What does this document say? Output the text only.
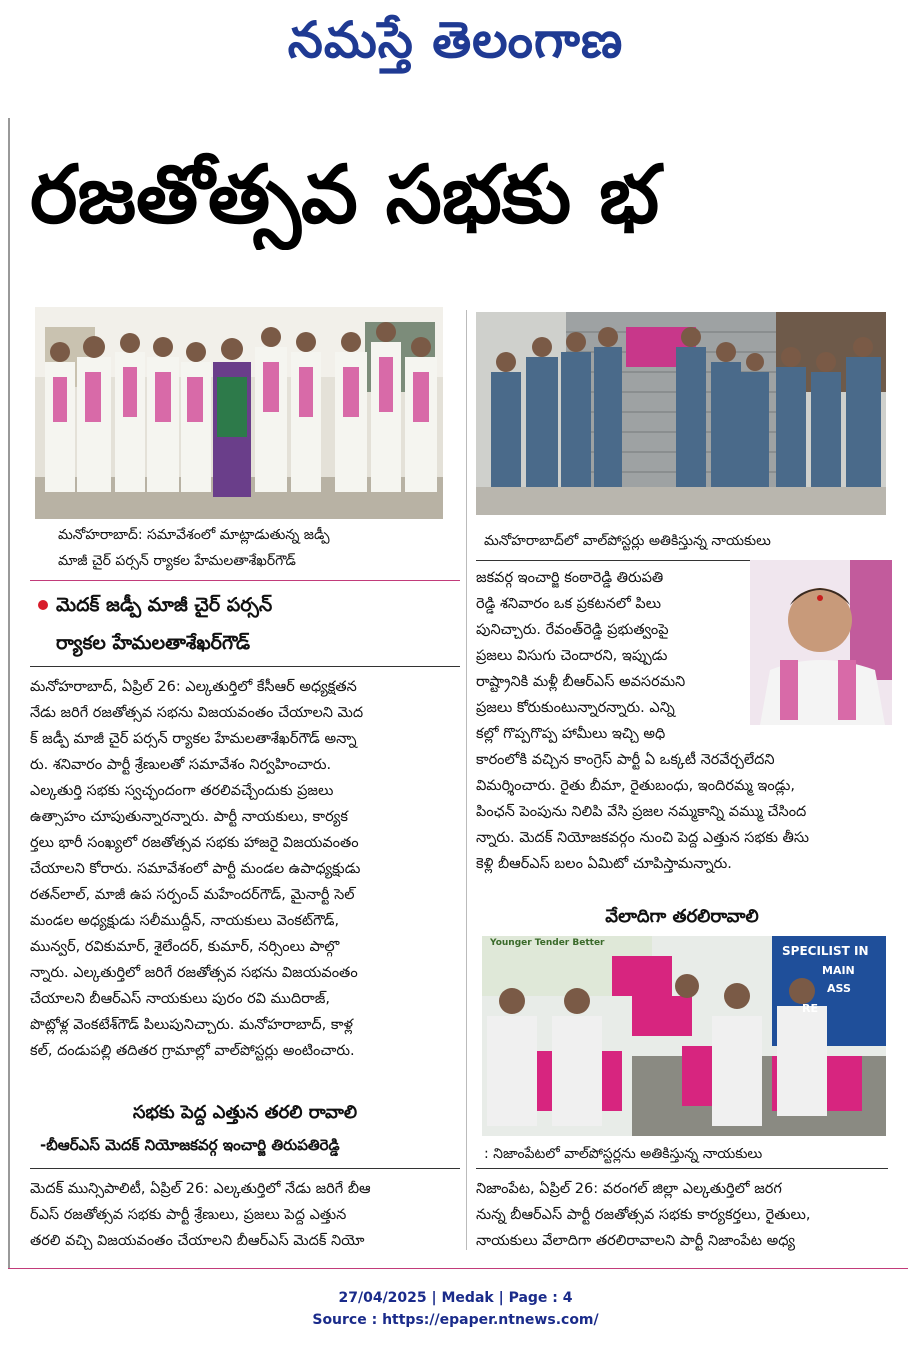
నమస్తే తెలంగాణ
రజతోత్సవ సభకు భ
మనోహరాబాద్: సమావేశంలో మాట్లాడుతున్న జడ్పీ
మాజీ చైర్ పర్సన్ ర్యాకల హేమలతాశేఖర్‌గౌడ్
మెదక్ జడ్పీ మాజీ చైర్ పర్సన్
ర్యాకల హేమలతాశేఖర్‌గౌడ్

మనోహరాబాద్, ఏప్రిల్ 26: ఎల్కతుర్తిలో కేసీఆర్ అధ్యక్షతన

నేడు జరిగే రజతోత్సవ సభను విజయవంతం చేయాలని మెద

క్ జడ్పీ మాజీ చైర్ పర్సన్ ర్యాకల హేమలతాశేఖర్‌గౌడ్ అన్నా

రు. శనివారం పార్టీ శ్రేణులతో సమావేశం నిర్వహించారు.

ఎల్కతుర్తి సభకు స్వచ్ఛందంగా తరలివచ్చేందుకు ప్రజలు

ఉత్సాహం చూపుతున్నారన్నారు. పార్టీ నాయకులు, కార్యక

ర్తలు భారీ సంఖ్యలో రజతోత్సవ సభకు హాజరై విజయవంతం

చేయాలని కోరారు. సమావేశంలో పార్టీ మండల ఉపాధ్యక్షుడు

రతన్‌లాల్, మాజీ ఉప సర్పంచ్ మహేందర్‌గౌడ్, మైనార్టీ సెల్

మండల అధ్యక్షుడు సలీముద్దీన్, నాయకులు వెంకట్‌గౌడ్,

మున్వర్, రవికుమార్, శైలేందర్, కుమార్, నర్సింలు పాల్గొ

న్నారు. ఎల్కతుర్తిలో జరిగే రజతోత్సవ సభను విజయవంతం

చేయాలని బీఆర్‌ఎస్ నాయకులు పురం రవి ముదిరాజ్,

పొట్లోళ్ల వెంకటేశ్‌గౌడ్ పిలుపునిచ్చారు. మనోహరాబాద్, కాళ్ల

కల్, దండుపల్లి తదితర గ్రామాల్లో వాల్‌పోస్టర్లు అంటించారు.

సభకు పెద్ద ఎత్తున తరలి రావాలి
-బీఆర్‌ఎస్ మెదక్ నియోజకవర్గ ఇంచార్జి తిరుపతిరెడ్డి

మెదక్ మున్సిపాలిటీ, ఏప్రిల్ 26: ఎల్కతుర్తిలో నేడు జరిగే బీఆ

ర్‌ఎస్ రజతోత్సవ సభకు పార్టీ శ్రేణులు, ప్రజలు పెద్ద ఎత్తున

తరలి వచ్చి విజయవంతం చేయాలని బీఆర్‌ఎస్ మెదక్ నియో

మనోహరాబాద్‌లో వాల్‌పోస్టర్లు అతికిస్తున్న నాయకులు

జకవర్గ ఇంచార్జి కంఠారెడ్డి తిరుపతి

రెడ్డి శనివారం ఒక ప్రకటనలో పిలు

పునిచ్చారు. రేవంత్‌రెడ్డి ప్రభుత్వంపై

ప్రజలు విసుగు చెందారని, ఇప్పుడు

రాష్ట్రానికి మళ్లీ బీఆర్‌ఎస్ అవసరమని

ప్రజలు కోరుకుంటున్నారన్నారు. ఎన్ని

కల్లో గొప్పగొప్ప హామీలు ఇచ్చి అధి

కారంలోకి వచ్చిన కాంగ్రెస్ పార్టీ ఏ ఒక్కటీ నెరవేర్చలేదని

విమర్శించారు. రైతు బీమా, రైతుబంధు, ఇందిరమ్మ ఇండ్లు,

పింఛన్ పెంపును నిలిపి వేసి ప్రజల నమ్మకాన్ని వమ్ము చేసింద

న్నారు. మెదక్ నియోజకవర్గం నుంచి పెద్ద ఎత్తున సభకు తీసు

కెళ్లి బీఆర్‌ఎస్ బలం ఏమిటో చూపిస్తామన్నారు.

వేలాదిగా తరలిరావాలి
Younger Tender Better
SPECILIST IN
MAIN
ASS
RE
: నిజాంపేటలో వాల్‌పోస్టర్లను అతికిస్తున్న నాయకులు

నిజాంపేట, ఏప్రిల్ 26: వరంగల్ జిల్లా ఎల్కతుర్తిలో జరగ

నున్న బీఆర్‌ఎస్ పార్టీ రజతోత్సవ సభకు కార్యకర్తలు, రైతులు,

నాయకులు వేలాదిగా తరలిరావాలని పార్టీ నిజాంపేట అధ్య

27/04/2025 | Medak | Page : 4
Source : https://epaper.ntnews.com/
